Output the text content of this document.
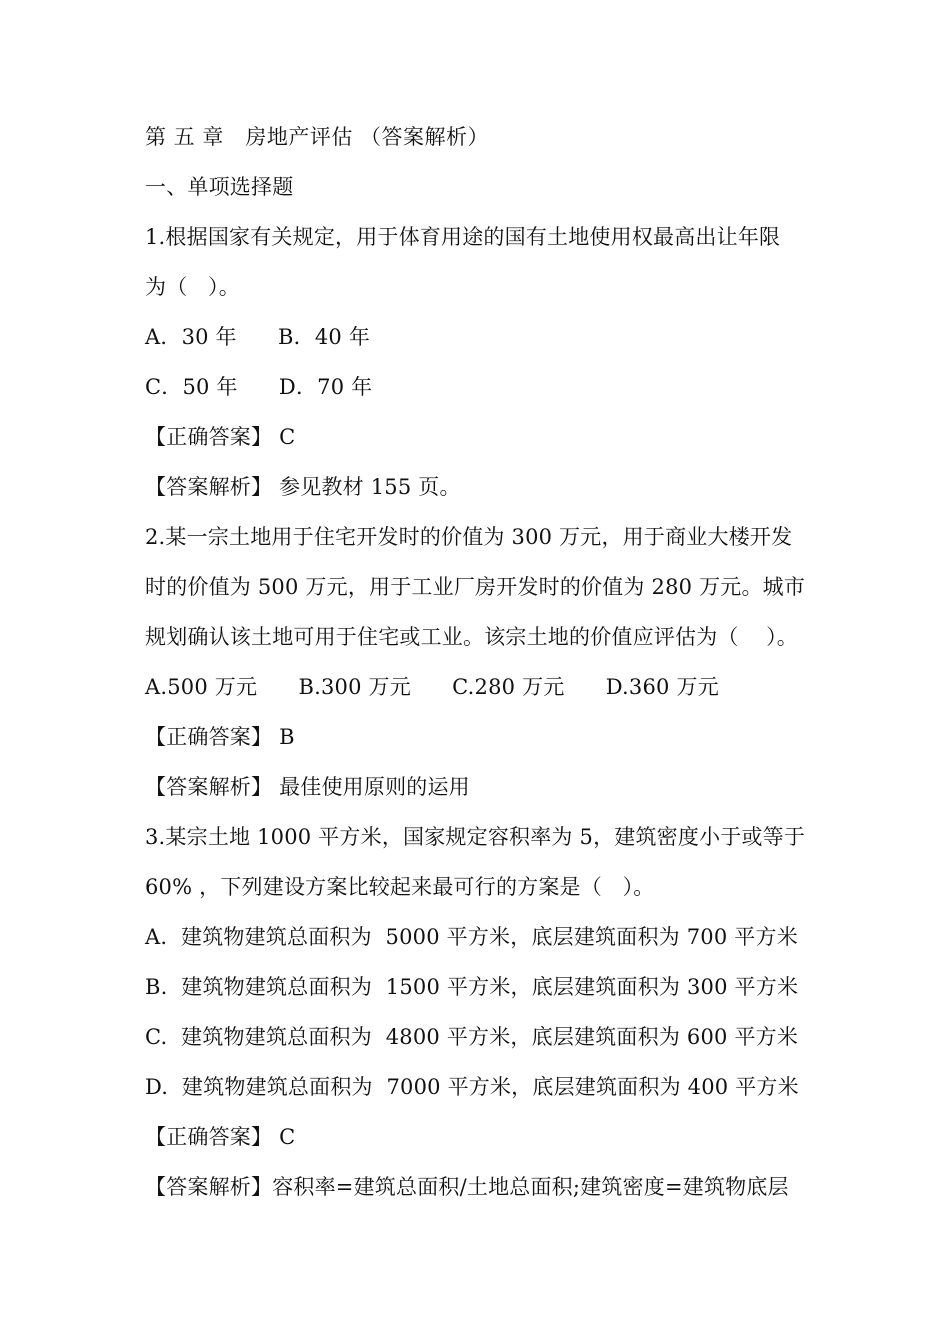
第 五 章   房地产评估 （答案解析）
一、单项选择题
1.根据国家有关规定，用于体育用途的国有土地使用权最高出让年限
为（   ）。
A．30 年      B．40 年
C．50 年      D．70 年
【正确答案】 C
【答案解析】 参见教材 155 页。
2.某一宗土地用于住宅开发时的价值为 300 万元，用于商业大楼开发
时的价值为 500 万元，用于工业厂房开发时的价值为 280 万元。城市
规划确认该土地可用于住宅或工业。该宗土地的价值应评估为（    ）。
A.500 万元      B.300 万元      C.280 万元      D.360 万元
【正确答案】 B
【答案解析】 最佳使用原则的运用
3.某宗土地 1000 平方米，国家规定容积率为 5，建筑密度小于或等于
60% ，下列建设方案比较起来最可行的方案是（   ）。
A.  建筑物建筑总面积为  5000 平方米，底层建筑面积为 700 平方米
B.  建筑物建筑总面积为  1500 平方米，底层建筑面积为 300 平方米
C.  建筑物建筑总面积为  4800 平方米，底层建筑面积为 600 平方米
D.  建筑物建筑总面积为  7000 平方米，底层建筑面积为 400 平方米
【正确答案】 C
【答案解析】容积率=建筑总面积/土地总面积;建筑密度=建筑物底层
